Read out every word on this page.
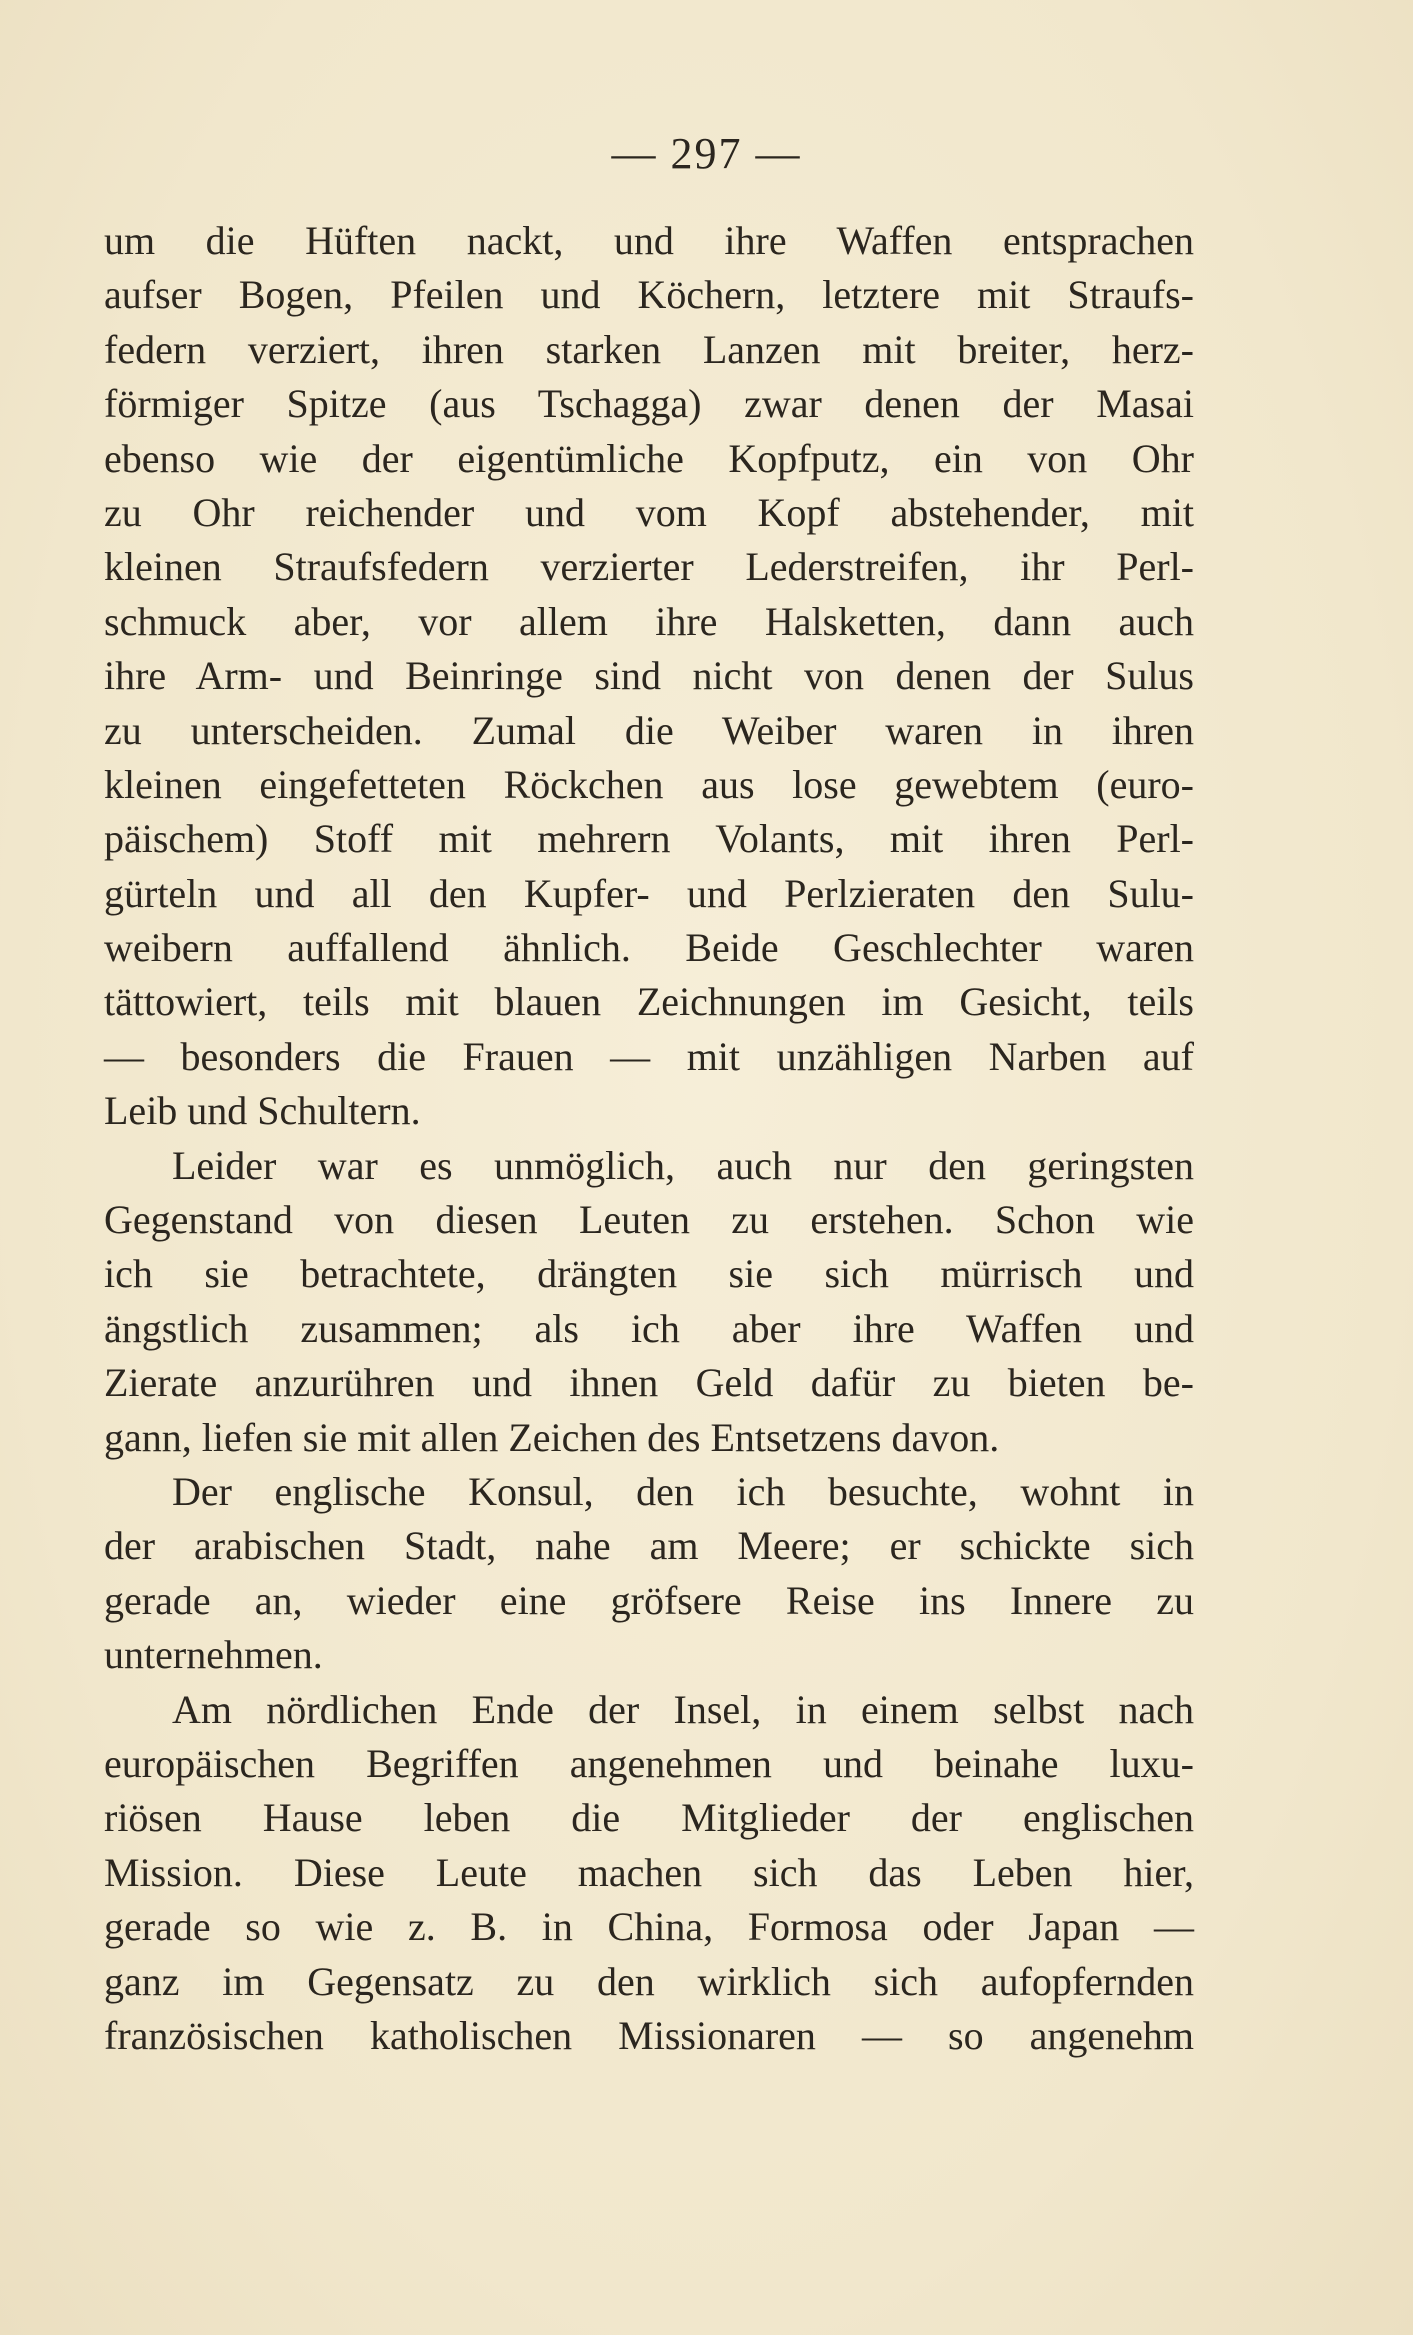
— 297 —
um die Hüften nackt, und ihre Waffen entsprachen
aufser Bogen, Pfeilen und Köchern, letztere mit Straufs-
federn verziert, ihren starken Lanzen mit breiter, herz-
förmiger Spitze (aus Tschagga) zwar denen der Masai
ebenso wie der eigentümliche Kopfputz, ein von Ohr
zu Ohr reichender und vom Kopf abstehender, mit
kleinen Straufsfedern verzierter Lederstreifen, ihr Perl-
schmuck aber, vor allem ihre Halsketten, dann auch
ihre Arm- und Beinringe sind nicht von denen der Sulus
zu unterscheiden. Zumal die Weiber waren in ihren
kleinen eingefetteten Röckchen aus lose gewebtem (euro-
päischem) Stoff mit mehrern Volants, mit ihren Perl-
gürteln und all den Kupfer- und Perlzieraten den Sulu-
weibern auffallend ähnlich. Beide Geschlechter waren
tättowiert, teils mit blauen Zeichnungen im Gesicht, teils
— besonders die Frauen — mit unzähligen Narben auf
Leib und Schultern.
Leider war es unmöglich, auch nur den geringsten
Gegenstand von diesen Leuten zu erstehen. Schon wie
ich sie betrachtete, drängten sie sich mürrisch und
ängstlich zusammen; als ich aber ihre Waffen und
Zierate anzurühren und ihnen Geld dafür zu bieten be-
gann, liefen sie mit allen Zeichen des Entsetzens davon.
Der englische Konsul, den ich besuchte, wohnt in
der arabischen Stadt, nahe am Meere; er schickte sich
gerade an, wieder eine gröfsere Reise ins Innere zu
unternehmen.
Am nördlichen Ende der Insel, in einem selbst nach
europäischen Begriffen angenehmen und beinahe luxu-
riösen Hause leben die Mitglieder der englischen
Mission. Diese Leute machen sich das Leben hier,
gerade so wie z. B. in China, Formosa oder Japan —
ganz im Gegensatz zu den wirklich sich aufopfernden
französischen katholischen Missionaren — so angenehm
